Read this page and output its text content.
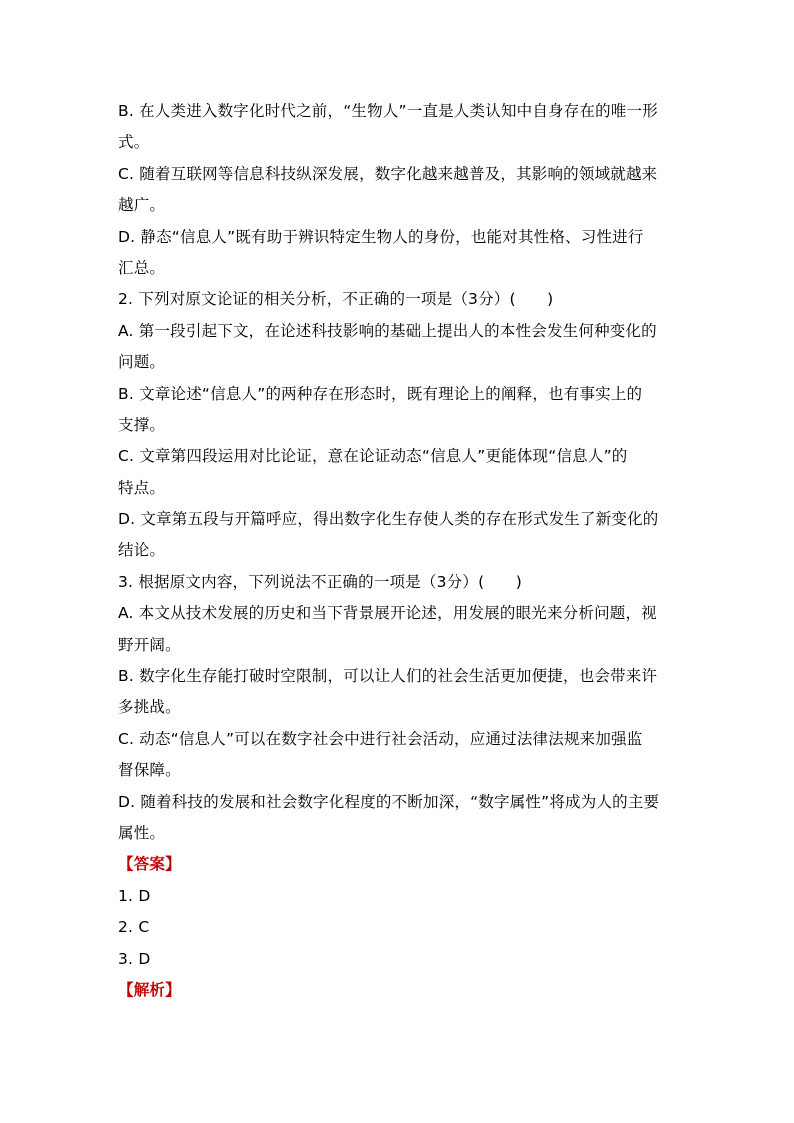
B. 在人类进入数字化时代之前，“生物人”一直是人类认知中自身存在的唯一形
式。
C. 随着互联网等信息科技纵深发展，数字化越来越普及，其影响的领域就越来
越广。
D. 静态“信息人”既有助于辨识特定生物人的身份，也能对其性格、习性进行
汇总。
2. 下列对原文论证的相关分析，不正确的一项是（3分）(　　)
A. 第一段引起下文，在论述科技影响的基础上提出人的本性会发生何种变化的
问题。
B. 文章论述“信息人”的两种存在形态时，既有理论上的阐释，也有事实上的
支撑。
C. 文章第四段运用对比论证，意在论证动态“信息人”更能体现“信息人”的
特点。
D. 文章第五段与开篇呼应，得出数字化生存使人类的存在形式发生了新变化的
结论。
3. 根据原文内容，下列说法不正确的一项是（3分）(　　)
A. 本文从技术发展的历史和当下背景展开论述，用发展的眼光来分析问题，视
野开阔。
B. 数字化生存能打破时空限制，可以让人们的社会生活更加便捷，也会带来许
多挑战。
C. 动态“信息人”可以在数字社会中进行社会活动，应通过法律法规来加强监
督保障。
D. 随着科技的发展和社会数字化程度的不断加深，“数字属性”将成为人的主要
属性。
【答案】
1. D
2. C
3. D
【解析】
